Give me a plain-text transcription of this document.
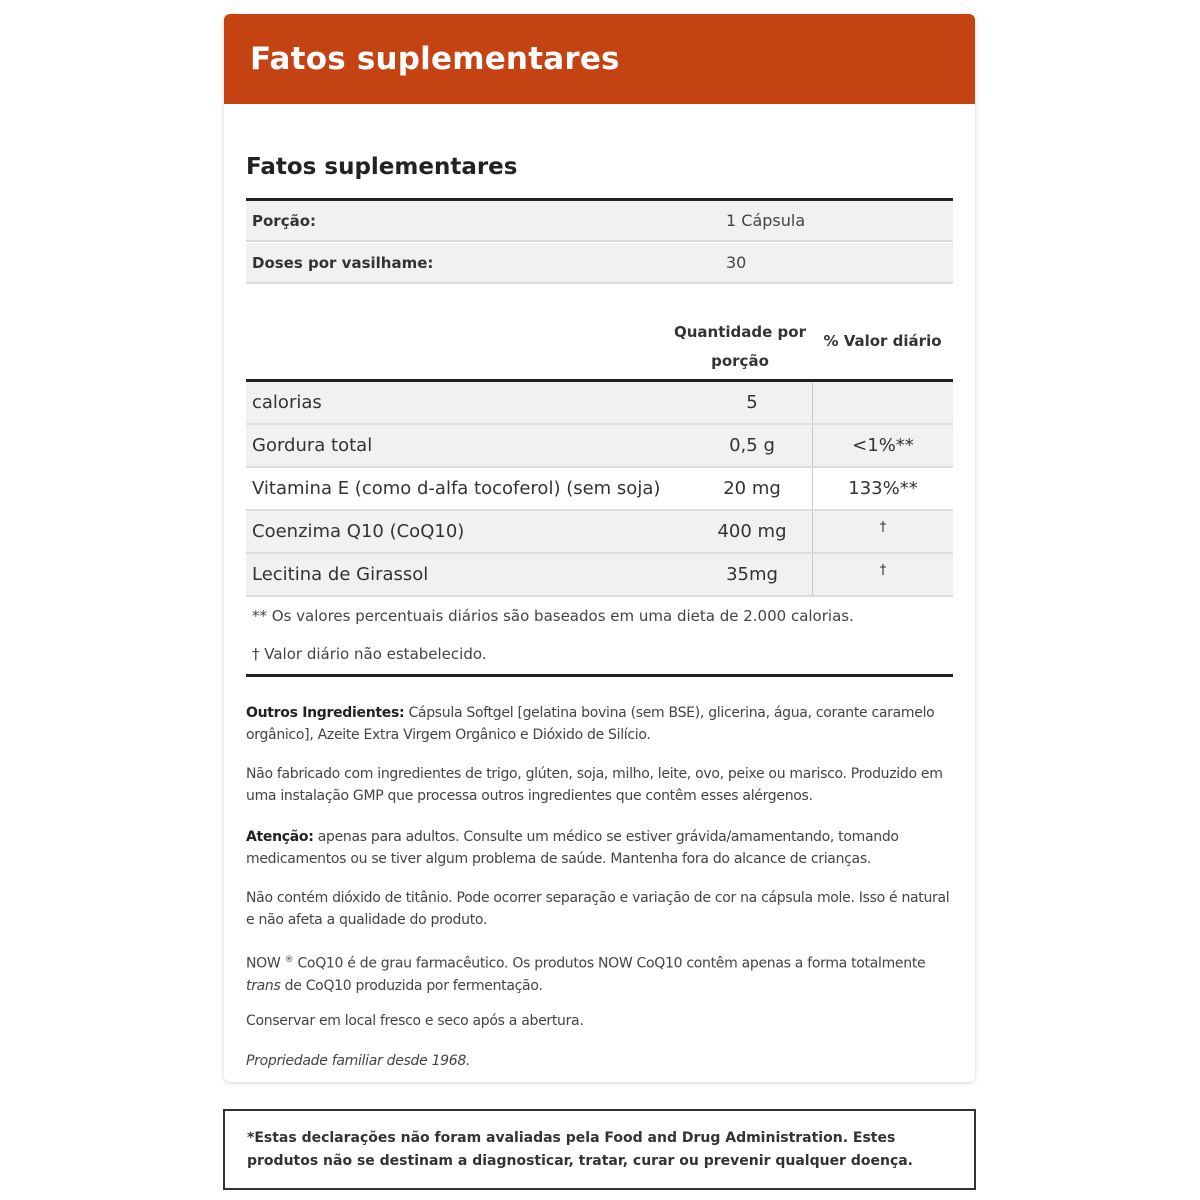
Fatos suplementares
Fatos suplementares
Porção:	1 Cápsula
Doses por vasilhame:	30
Quantidade por porção
% Valor diário
calorias	5
Gordura total	0,5 g	<1%**
Vitamina E (como d-alfa tocoferol) (sem soja)	20 mg	133%**
Coenzima Q10 (CoQ10)	400 mg	†
Lecitina de Girassol	35mg	†
** Os valores percentuais diários são baseados em uma dieta de 2.000 calorias.
† Valor diário não estabelecido.

Outros Ingredientes: Cápsula Softgel [gelatina bovina (sem BSE), glicerina, água, corante caramelo orgânico], Azeite Extra Virgem Orgânico e Dióxido de Silício.

Não fabricado com ingredientes de trigo, glúten, soja, milho, leite, ovo, peixe ou marisco. Produzido em uma instalação GMP que processa outros ingredientes que contêm esses alérgenos.

Atenção: apenas para adultos. Consulte um médico se estiver grávida/amamentando, tomando medicamentos ou se tiver algum problema de saúde. Mantenha fora do alcance de crianças.

Não contém dióxido de titânio. Pode ocorrer separação e variação de cor na cápsula mole. Isso é natural e não afeta a qualidade do produto.

NOW ® CoQ10 é de grau farmacêutico. Os produtos NOW CoQ10 contêm apenas a forma totalmente trans de CoQ10 produzida por fermentação.

Conservar em local fresco e seco após a abertura.

Propriedade familiar desde 1968.

*Estas declarações não foram avaliadas pela Food and Drug Administration. Estes produtos não se destinam a diagnosticar, tratar, curar ou prevenir qualquer doença.
